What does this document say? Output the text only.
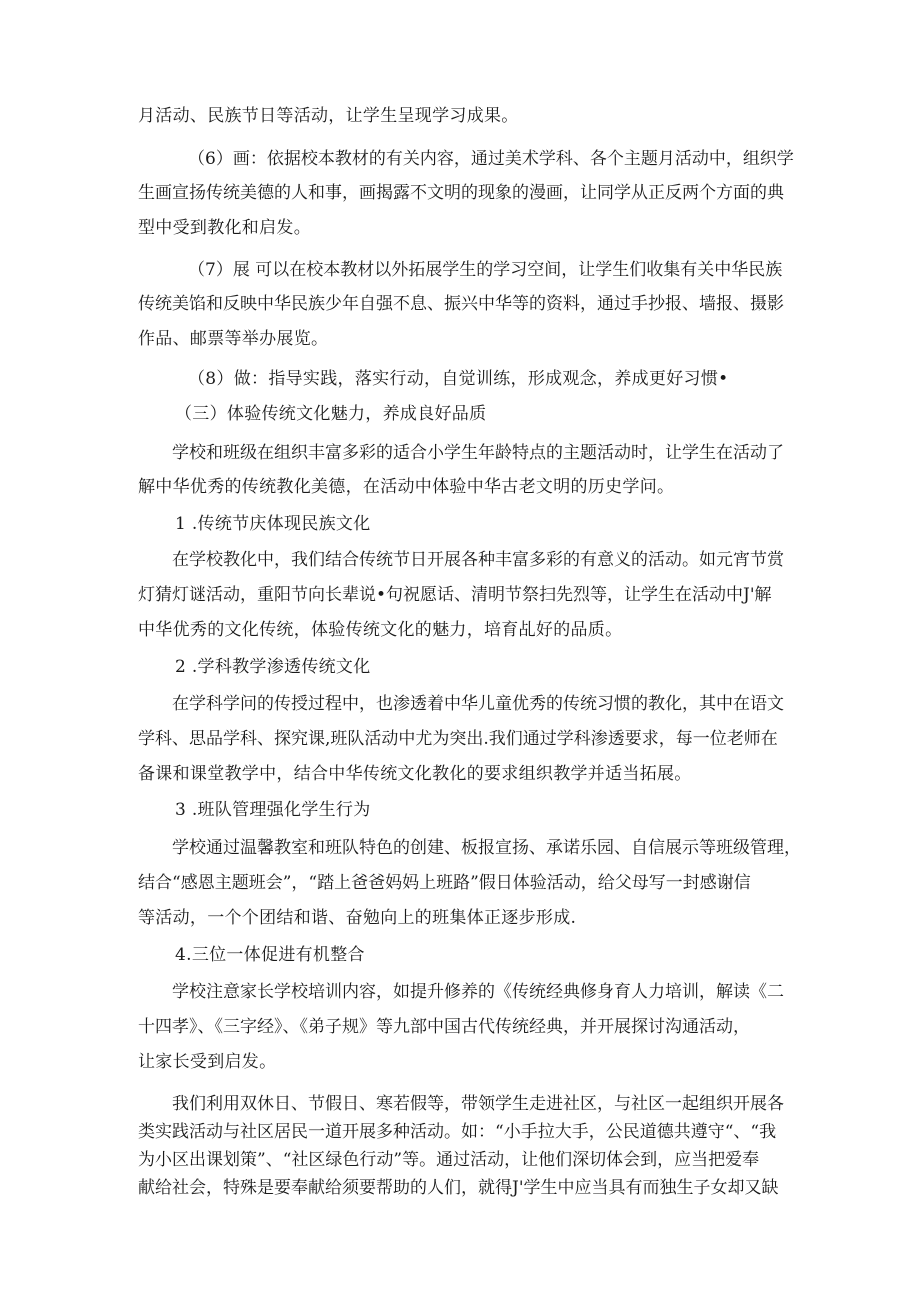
月活动、民族节日等活动，让学生呈现学习成果。
（6）画：依据校本教材的有关内容，通过美术学科、各个主题月活动中，组织学
生画宣扬传统美德的人和事，画揭露不文明的现象的漫画，让同学从正反两个方面的典
型中受到教化和启发。
（7）展 可以在校本教材以外拓展学生的学习空间，让学生们收集有关中华民族
传统美馅和反映中华民族少年自强不息、振兴中华等的资料，通过手抄报、墙报、摄影
作品、邮票等举办展览。
（8）做：指导实践，落实行动，自觉训练，形成观念，养成更好习惯•
（三）体验传统文化魅力，养成良好品质
学校和班级在组织丰富多彩的适合小学生年龄特点的主题活动时，让学生在活动了
解中华优秀的传统教化美德，在活动中体验中华古老文明的历史学问。
1 .传统节庆体现民族文化
在学校教化中，我们结合传统节日开展各种丰富多彩的有意义的活动。如元宵节赏
灯猜灯谜活动，重阳节向长辈说•句祝愿话、清明节祭扫先烈等，让学生在活动中J'解
中华优秀的文化传统，体验传统文化的魅力，培育乩好的品质。
2 .学科教学渗透传统文化
在学科学问的传授过程中，也渗透着中华儿童优秀的传统习惯的教化，其中在语文
学科、思品学科、探究课,班队活动中尤为突出.我们通过学科渗透要求，每一位老师在
备课和课堂教学中，结合中华传统文化教化的要求组织教学并适当拓展。
3 .班队管理强化学生行为
学校通过温馨教室和班队特色的创建、板报宣扬、承诺乐园、自信展示等班级管理，
结合“感恩主题班会”，“踏上爸爸妈妈上班路”假日体验活动，给父母写一封感谢信
等活动，一个个团结和谐、奋勉向上的班集体正逐步形成.
4.三位一体促进有机整合
学校注意家长学校培训内容，如提升修养的《传统经典修身育人力培训，解读《二
十四孝》、《三字经》、《弟子规》等九部中国古代传统经典，并开展探讨沟通活动，
让家长受到启发。
我们利用双休日、节假日、寒若假等，带领学生走进社区，与社区一起组织开展各
类实践活动与社区居民一道开展多种活动。如：“小手拉大手，公民道德共遵守“、“我
为小区出课划策”、“社区绿色行动”等。通过活动，让他们深切体会到，应当把爱奉
献给社会，特殊是要奉献给须要帮助的人们，就得J'学生中应当具有而独生子女却又缺
